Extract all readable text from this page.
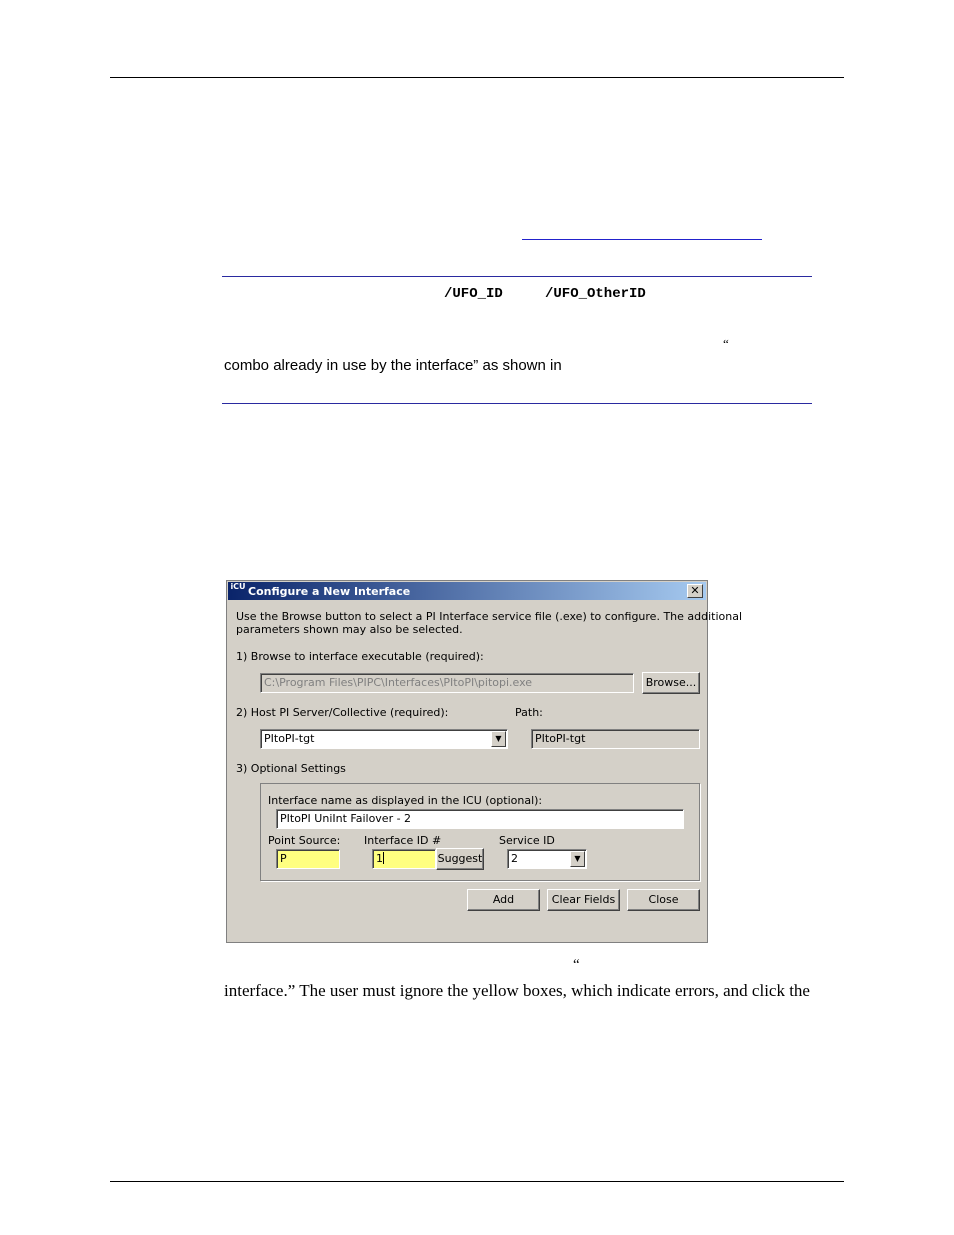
/UFO_ID	/UFO_OtherID
“
combo already in use by the interface” as shown in
iCU Configure a New Interface	✕
Use the Browse button to select a PI Interface service file (.exe) to configure. The additional
parameters shown may also be selected.
1) Browse to interface executable (required):
C:\Program Files\PIPC\Interfaces\PItoPI\pitopi.exe	Browse...
2) Host PI Server/Collective (required):	Path:
PItoPI-tgt	▼	PItoPI-tgt
3) Optional Settings
Interface name as displayed in the ICU (optional):
PItoPI UniInt Failover - 2
Point Source: Interface ID #	Service ID
P	1	Suggest	2	▼
Add	Clear Fields	Close
“
interface.” The user must ignore the yellow boxes, which indicate errors, and click the
